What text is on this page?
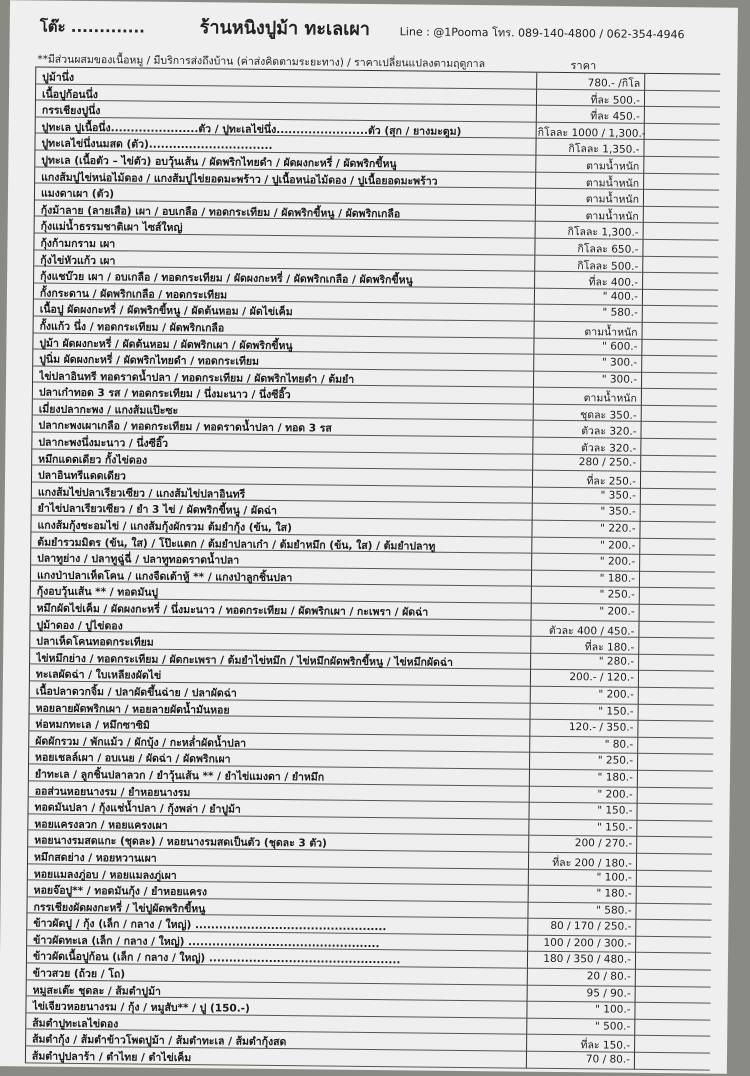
โต๊ะ .............	ร้านหนิงปูม้า ทะเลเผา	Line : @1Pooma โทร. 089-140-4800 / 062-354-4946
**มีส่วนผสมของเนื้อหมู / มีบริการส่งถึงบ้าน (ค่าส่งคิดตามระยะทาง) / ราคาเปลี่ยนแปลงตามฤดูกาล	ราคา
ปูม้านึ่ง	780.- /กิโล
เนื้อปูก้อนนึ่ง	ที่ละ 500.-
กรรเชียงปูนึ่ง	ที่ละ 450.-
ปูทะเล ปูเนื้อนึ่ง......................ตัว / ปูทะเลไข่นึ่ง.......................ตัว (สุก / ยางมะตูม)	กิโลละ 1000 / 1,300.-
ปูทะเลไข่นึ่งนมสด (ตัว)...............................	กิโลละ 1,350.-
ปูทะเล (เนื้อตัว – ไข่ตัว) อบวุ้นเส้น / ผัดพริกไทยดำ / ผัดผงกะหรี่ / ผัดพริกขี้หนู	ตามน้ำหนัก
แกงส้มปูไข่หน่อไม้ดอง / แกงส้มปูไข่ยอดมะพร้าว / ปูเนื้อหน่อไม้ดอง / ปูเนื้อยอดมะพร้าว	ตามน้ำหนัก
แมงดาเผา (ตัว)	ตามน้ำหนัก
กุ้งม้าลาย (ลายเสือ) เผา / อบเกลือ / ทอดกระเทียม / ผัดพริกขี้หนู / ผัดพริกเกลือ	ตามน้ำหนัก
กุ้งแม่น้ำธรรมชาติเผา ไซส์ใหญ่	กิโลละ 1,300.-
กุ้งก้ามกราม เผา	กิโลละ 650.-
กุ้งไข่หัวแก้ว เผา	กิโลละ 500.-
กุ้งแชบ๊วย เผา / อบเกลือ / ทอดกระเทียม / ผัดผงกะหรี่ / ผัดพริกเกลือ / ผัดพริกขี้หนู	ที่ละ 400.-
กั้งกระดาน / ผัดพริกเกลือ / ทอดกระเทียม	" 400.-
เนื้อปู ผัดผงกะหรี่ / ผัดพริกขี้หนู / ผัดต้นหอม / ผัดไข่เค็ม	" 580.-
กั้งแก้ว นึ่ง / ทอดกระเทียม / ผัดพริกเกลือ	ตามน้ำหนัก
ปูม้า ผัดผงกะหรี่ / ผัดต้นหอม / ผัดพริกเผา / ผัดพริกขี้หนู	" 600.-
ปูนิ่ม ผัดผงกะหรี่ / ผัดพริกไทยดำ / ทอดกระเทียม	" 300.-
ไข่ปลาอินทรี ทอดราดน้ำปลา / ทอดกระเทียม / ผัดพริกไทยดำ / ต้มยำ	" 300.-
ปลาเก๋าทอด 3 รส / ทอดกระเทียม / นึ่งมะนาว / นึ่งซีอิ๊ว	ตามน้ำหนัก
เมี่ยงปลากะพง / แกงส้มแป๊ะซะ	ชุดละ 350.-
ปลากะพงเผาเกลือ / ทอดกระเทียม / ทอดราดน้ำปลา / ทอด 3 รส	ตัวละ 320.-
ปลากะพงนึ่งมะนาว / นึ่งซีอิ๊ว	ตัวละ 320.-
หมึกแดดเดียว กั้งไข่ดอง	280 / 250.-
ปลาอินทรีแดดเดียว	ที่ละ 250.-
แกงส้มไข่ปลาเรียวเซียว / แกงส้มไข่ปลาอินทรี	" 350.-
ยำไข่ปลาเรียวเซียว / ยำ 3 ไข่ / ผัดพริกขี้หนู / ผัดฉ่า	" 350.-
แกงส้มกุ้งชะอมไข่ / แกงส้มกุ้งผักรวม ต้มยำกุ้ง (ข้น, ใส)	" 220.-
ต้มยำรวมมิตร (ข้น, ใส) / โป๊ะแตก / ต้มยำปลาเก๋า / ต้มยำหมึก (ข้น, ใส) / ต้มยำปลาทู	" 200.-
ปลาทูย่าง / ปลาทูฉู่ฉี่ / ปลาทูทอดราดน้ำปลา	" 200.-
แกงป่าปลาเห็ดโคน / แกงจืดเต้าหู้ ** / แกงป่าลูกชิ้นปลา	" 180.-
กุ้งอบวุ้นเส้น ** / ทอดมันปู	" 250.-
หมึกผัดไข่เค็ม / ผัดผงกะหรี่ / นึ่งมะนาว / ทอดกระเทียม / ผัดพริกเผา / กะเพรา / ผัดฉ่า	" 200.-
ปูม้าดอง / ปูไข่ดอง	ตัวละ 400 / 450.-
ปลาเห็ดโคนทอดกระเทียม	ที่ละ 180.-
ไข่หมึกย่าง / ทอดกระเทียม / ผัดกะเพรา / ต้มยำไข่หมึก / ไข่หมึกผัดพริกขี้หนู / ไข่หมึกผัดฉ่า	" 280.-
ทะเลผัดฉ่า / ใบเหลียงผัดไข่	200.- / 120.-
เนื้อปลาดวกจิ้ม / ปลาผัดขึ้นฉ่าย / ปลาผัดฉ่า	" 200.-
หอยลายผัดพริกเผา / หอยลายผัดน้ำมันหอย	" 150.-
ห่อหมกทะเล / หมึกซาซิมิ	120.- / 350.-
ผัดผักรวม / พักแม้ว / ผักบุ้ง / กะหล่ำผัดน้ำปลา	" 80.-
หอยเชลล์เผา / อบเนย / ผัดฉ่า / ผัดพริกเผา	" 250.-
ยำทะเล / ลูกชิ้นปลาลวก / ยำวุ้นเส้น ** / ยำไข่แมงดา / ยำหมึก	" 180.-
ออส่วนหอยนางรม / ยำหอยนางรม	" 200.-
ทอดมันปลา / กุ้งแช่น้ำปลา / กุ้งพล่า / ยำปูม้า	" 150.-
หอยแครงลวก / หอยแครงเผา	" 150.-
หอยนางรมสดแกะ (ชุดละ) / หอยนางรมสดเป็นตัว (ชุดละ 3 ตัว)	200 / 270.-
หมึกสดย่าง / หอยหวานเผา	ที่ละ 200 / 180.-
หอยแมลงภู่อบ / หอยแมลงภู่เผา	" 100.-
หอยจ๊อปู** / ทอดมันกุ้ง / ยำหอยแครง	" 180.-
กรรเชียงผัดผงกะหรี่ / ไข่ปูผัดพริกขี้หนู	" 580.-
ข้าวผัดปู / กุ้ง (เล็ก / กลาง / ใหญ่) ................................................	80 / 170 / 250.-
ข้าวผัดทะเล (เล็ก / กลาง / ใหญ่) ................................................	100 / 200 / 300.-
ข้าวผัดเนื้อปูก้อน (เล็ก / กลาง / ใหญ่) ................................................	180 / 350 / 480.-
ข้าวสวย (ถ้วย / โถ)	20 / 80.-
หมูสะเต๊ะ ชุดละ / ส้มตำปูม้า	95 / 90.-
ไข่เจียวหอยนางรม / กุ้ง / หมูสับ** / ปู (150.-)	" 100.-
ส้มตำปูทะเลไข่ดอง	" 500.-
ส้มตำกุ้ง / ส้มตำข้าวโพดปูม้า / ส้มตำทะเล / ส้มตำกุ้งสด	ที่ละ 150.-
ส้มตำปูปลาร้า / ตำไทย / ตำไข่เค็ม	70 / 80.-
